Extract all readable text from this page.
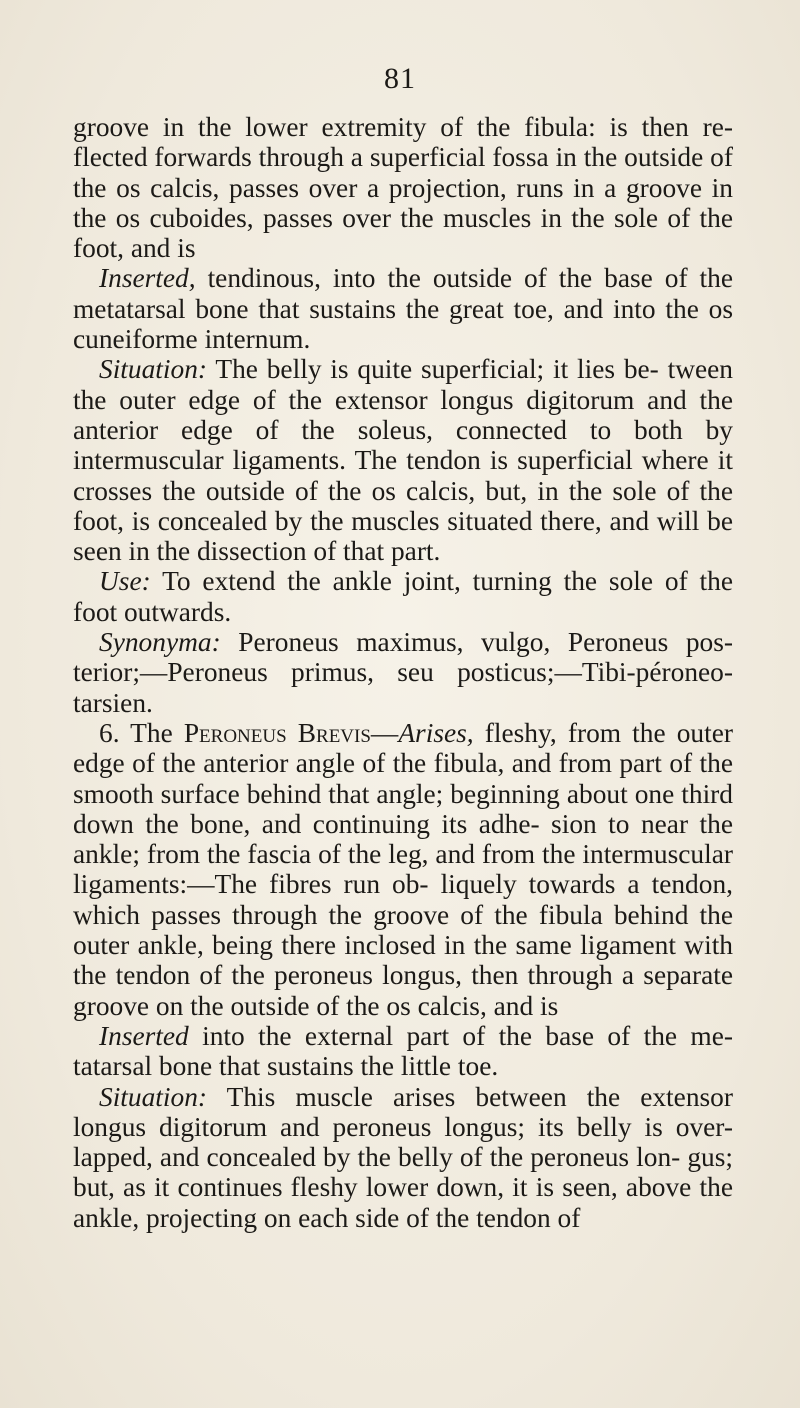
81

groove in the lower extremity of the fibula: is then re- flected forwards through a superficial fossa in the outside of the os calcis, passes over a projection, runs in a groove in the os cuboides, passes over the muscles in the sole of the foot, and is

Inserted, tendinous, into the outside of the base of the metatarsal bone that sustains the great toe, and into the os cuneiforme internum.

Situation: The belly is quite superficial; it lies be- tween the outer edge of the extensor longus digitorum and the anterior edge of the soleus, connected to both by intermuscular ligaments. The tendon is superficial where it crosses the outside of the os calcis, but, in the sole of the foot, is concealed by the muscles situated there, and will be seen in the dissection of that part.

Use: To extend the ankle joint, turning the sole of the foot outwards.

Synonyma: Peroneus maximus, vulgo, Peroneus pos- terior;—Peroneus primus, seu posticus;—Tibi-péroneo- tarsien.

6. The Peroneus Brevis—Arises, fleshy, from the outer edge of the anterior angle of the fibula, and from part of the smooth surface behind that angle; beginning about one third down the bone, and continuing its adhe- sion to near the ankle; from the fascia of the leg, and from the intermuscular ligaments:—The fibres run ob- liquely towards a tendon, which passes through the groove of the fibula behind the outer ankle, being there inclosed in the same ligament with the tendon of the peroneus longus, then through a separate groove on the outside of the os calcis, and is

Inserted into the external part of the base of the me- tatarsal bone that sustains the little toe.

Situation: This muscle arises between the extensor longus digitorum and peroneus longus; its belly is over- lapped, and concealed by the belly of the peroneus lon- gus; but, as it continues fleshy lower down, it is seen, above the ankle, projecting on each side of the tendon of
